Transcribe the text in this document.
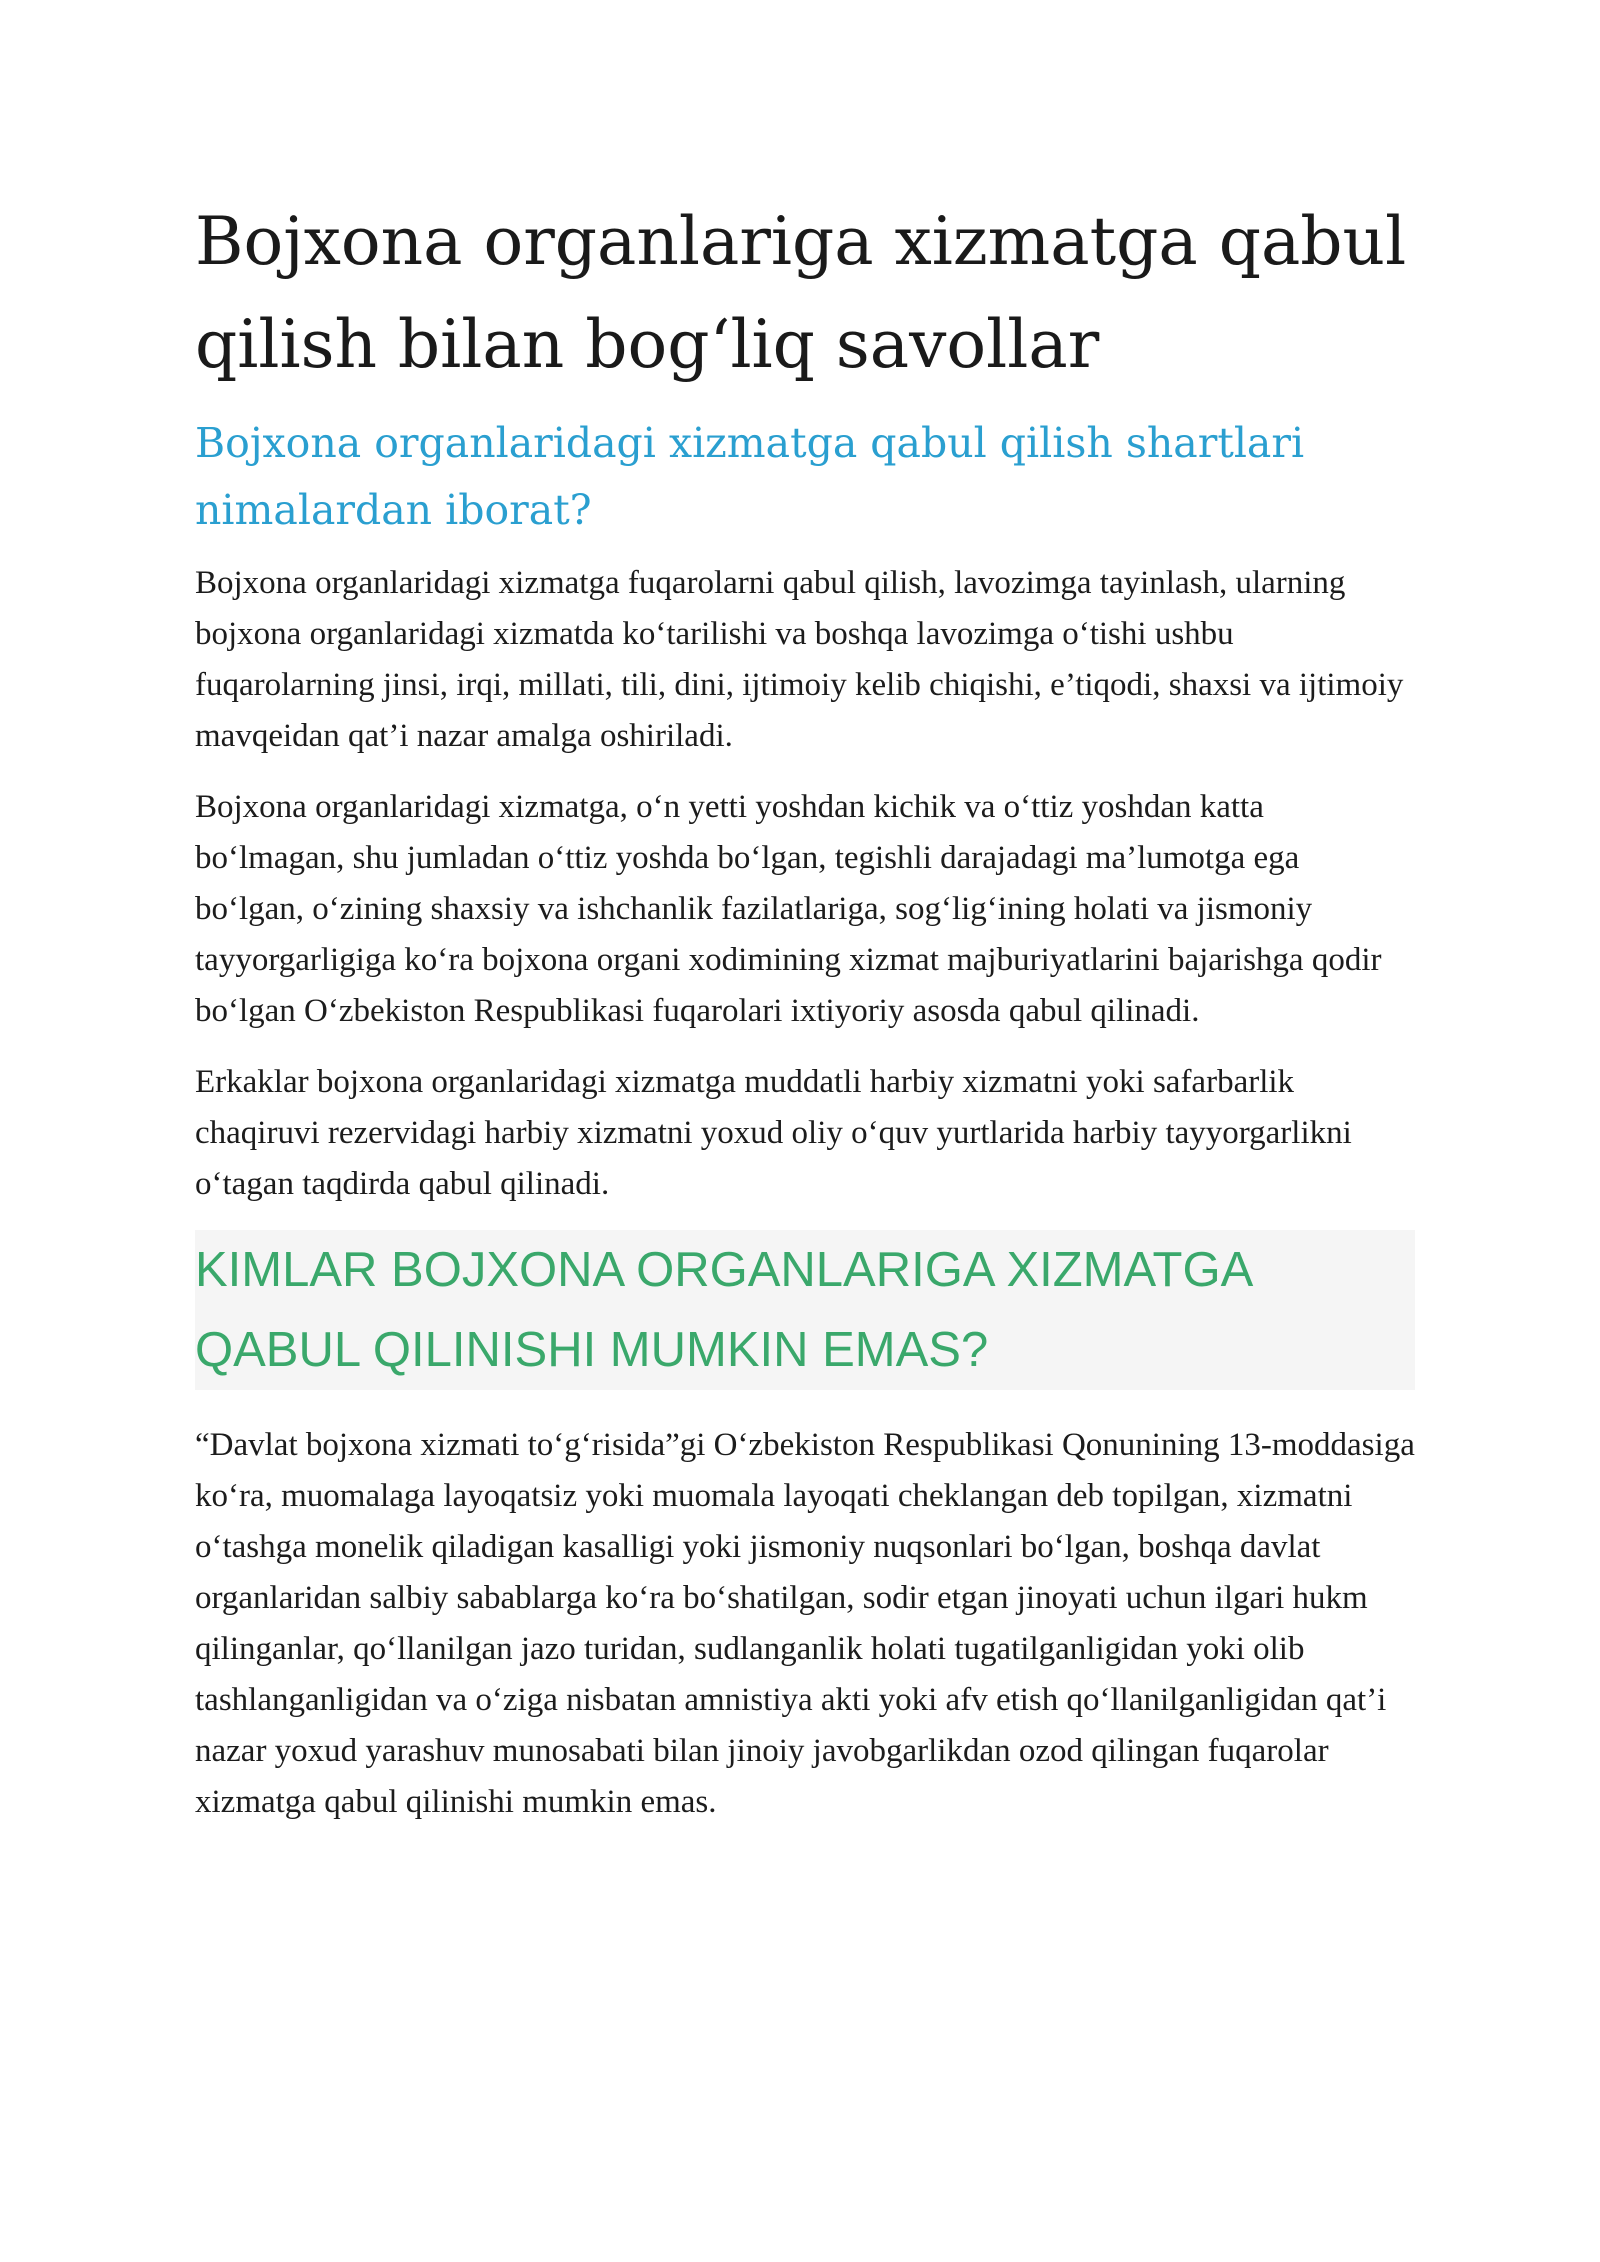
Bojxona organlariga xizmatga qabul qilish bilan bog‘liq savollar
Bojxona organlaridagi xizmatga qabul qilish shartlari nimalardan iborat?

Bojxona organlaridagi xizmatga fuqarolarni qabul qilish, lavozimga tayinlash, ularning bojxona organlaridagi xizmatda ko‘tarilishi va boshqa lavozimga o‘tishi ushbu fuqarolarning jinsi, irqi, millati, tili, dini, ijtimoiy kelib chiqishi, e’tiqodi, shaxsi va ijtimoiy mavqeidan qat’i nazar amalga oshiriladi.

Bojxona organlaridagi xizmatga, o‘n yetti yoshdan kichik va o‘ttiz yoshdan katta bo‘lmagan, shu jumladan o‘ttiz yoshda bo‘lgan, tegishli darajadagi ma’lumotga ega bo‘lgan, o‘zining shaxsiy va ishchanlik fazilatlariga, sog‘lig‘ining holati va jismoniy tayyorgarligiga ko‘ra bojxona organi xodimining xizmat majburiyatlarini bajarishga qodir bo‘lgan O‘zbekiston Respublikasi fuqarolari ixtiyoriy asosda qabul qilinadi.

Erkaklar bojxona organlaridagi xizmatga muddatli harbiy xizmatni yoki safarbarlik chaqiruvi rezervidagi harbiy xizmatni yoxud oliy o‘quv yurtlarida harbiy tayyorgarlikni o‘tagan taqdirda qabul qilinadi.

KIMLAR BOJXONA ORGANLARIGA XIZMATGA QABUL QILINISHI MUMKIN EMAS?

“Davlat bojxona xizmati to‘g‘risida”gi O‘zbekiston Respublikasi Qonunining 13-moddasiga ko‘ra, muomalaga layoqatsiz yoki muomala layoqati cheklangan deb topilgan, xizmatni o‘tashga monelik qiladigan kasalligi yoki jismoniy nuqsonlari bo‘lgan, boshqa davlat organlaridan salbiy sabablarga ko‘ra bo‘shatilgan, sodir etgan jinoyati uchun ilgari hukm qilinganlar, qo‘llanilgan jazo turidan, sudlanganlik holati tugatilganligidan yoki olib tashlanganligidan va o‘ziga nisbatan amnistiya akti yoki afv etish qo‘llanilganligidan qat’i nazar yoxud yarashuv munosabati bilan jinoiy javobgarlikdan ozod qilingan fuqarolar xizmatga qabul qilinishi mumkin emas.
